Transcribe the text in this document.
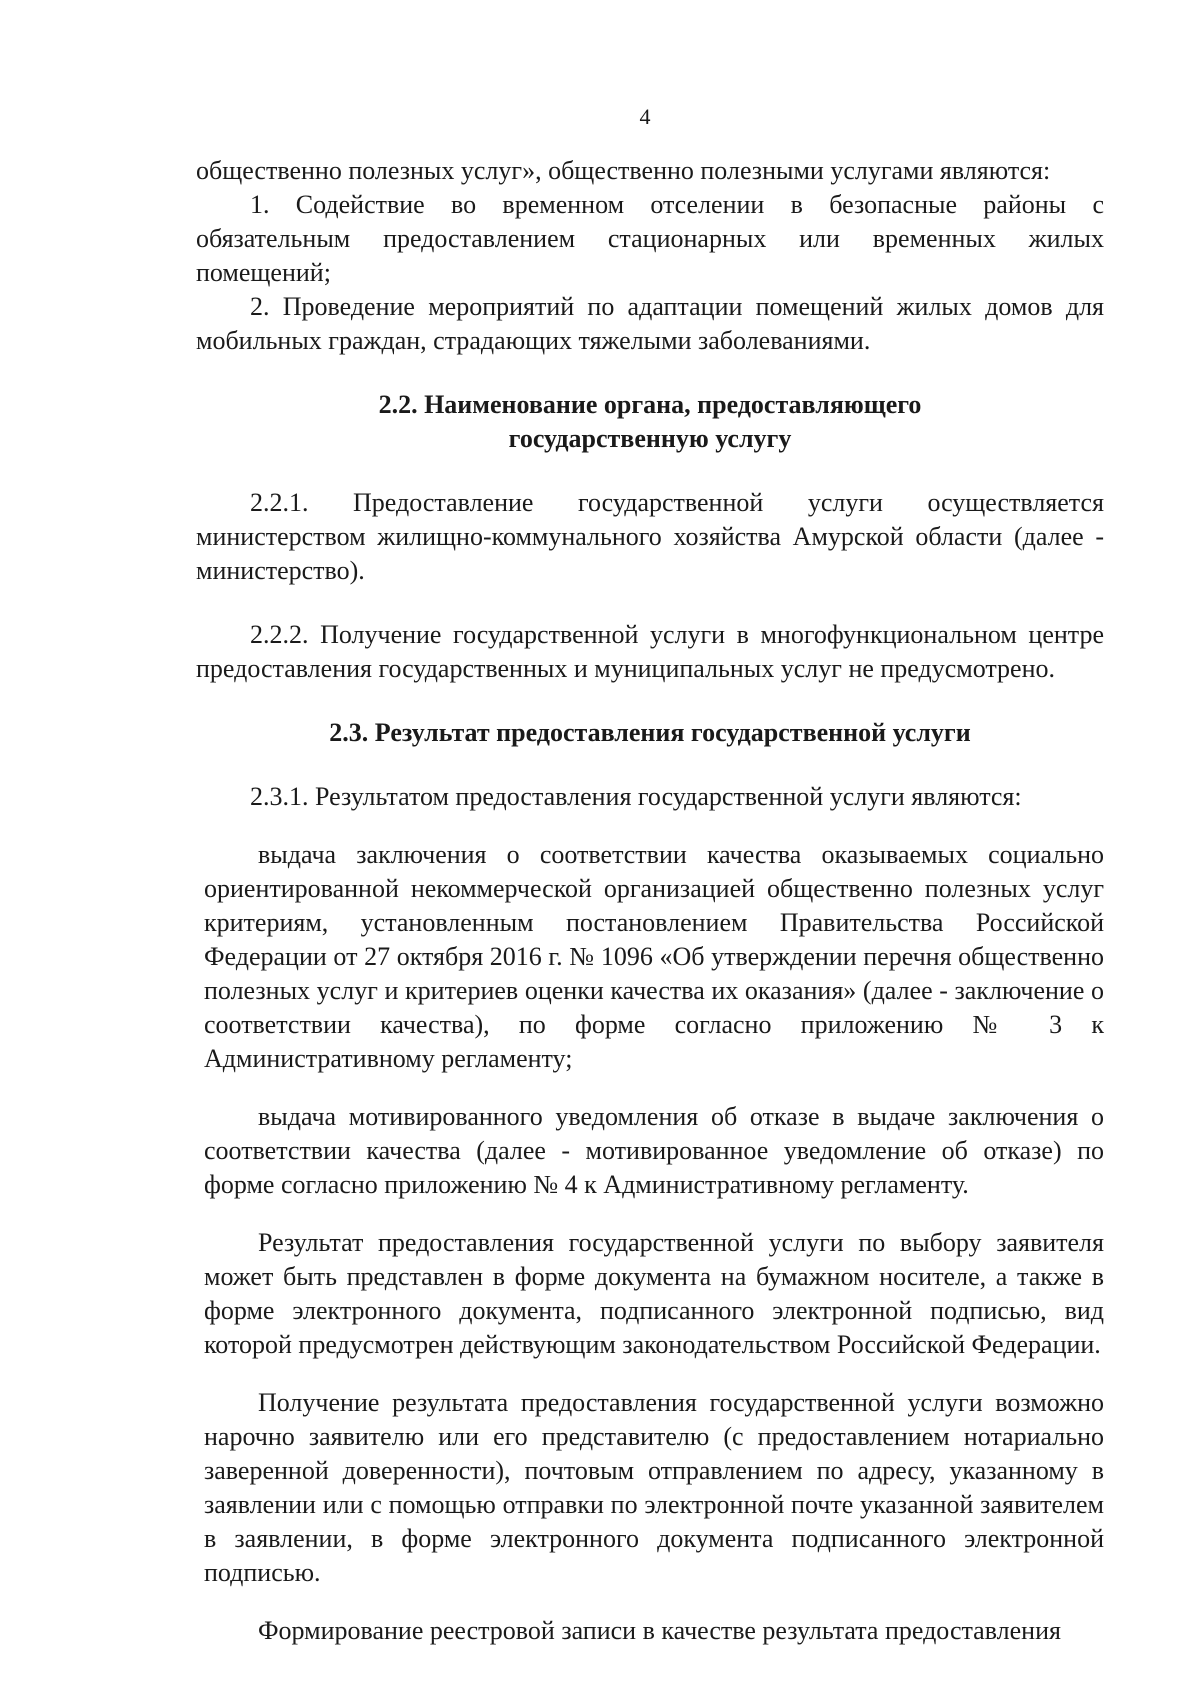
4

общественно полезных услуг», общественно полезными услугами являются:

1. Содействие во временном отселении в безопасные районы с обязательным предоставлением стационарных или временных жилых помещений;

2. Проведение мероприятий по адаптации помещений жилых домов для мобильных граждан, страдающих тяжелыми заболеваниями.

2.2. Наименование органа, предоставляющего

государственную услугу

2.2.1. Предоставление государственной услуги осуществляется министерством жилищно-коммунального хозяйства Амурской области (далее - министерство).

2.2.2. Получение государственной услуги в многофункциональном центре предоставления государственных и муниципальных услуг не предусмотрено.

2.3. Результат предоставления государственной услуги

2.3.1. Результатом предоставления государственной услуги являются:

выдача заключения о соответствии качества оказываемых социально ориентированной некоммерческой организацией общественно полезных услуг критериям, установленным постановлением Правительства Российской Федерации от 27 октября 2016 г. № 1096 «Об утверждении перечня общественно полезных услуг и критериев оценки качества их оказания» (далее - заключение о соответствии качества), по форме согласно приложению № 3 к Административному регламенту;

выдача мотивированного уведомления об отказе в выдаче заключения о соответствии качества (далее - мотивированное уведомление об отказе) по форме согласно приложению № 4 к Административному регламенту.

Результат предоставления государственной услуги по выбору заявителя может быть представлен в форме документа на бумажном носителе, а также в форме электронного документа, подписанного электронной подписью, вид которой предусмотрен действующим законодательством Российской Федерации.

Получение результата предоставления государственной услуги возможно нарочно заявителю или его представителю (с предоставлением нотариально заверенной доверенности), почтовым отправлением по адресу, указанному в заявлении или с помощью отправки по электронной почте указанной заявителем в заявлении, в форме электронного документа подписанного электронной подписью.

Формирование реестровой записи в качестве результата предоставления
